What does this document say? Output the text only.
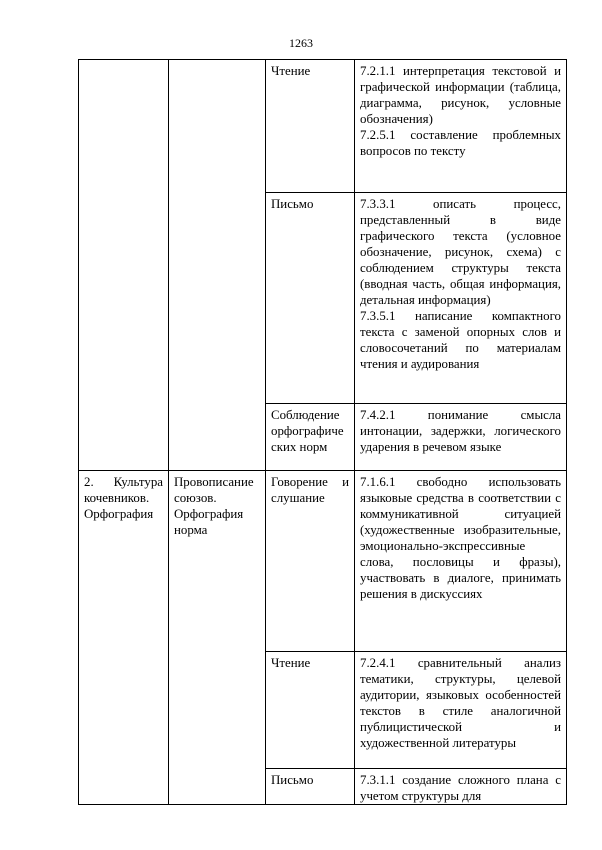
1263
		Чтение	7.2.1.1 интерпретация текстовой и графической информации (таблица, диаграмма, рисунок, условные обозначения)
7.2.5.1 составление проблемных вопросов по тексту

		Письмо	7.3.3.1 описать процесс, представленный в виде графического текста (условное обозначение, рисунок, схема) с соблюдением структуры текста (вводная часть, общая информация, детальная информация)
7.3.5.1 написание компактного текста с заменой опорных слов и словосочетаний по материалам чтения и аудирования

		Соблюдение орфографических норм	7.4.2.1 понимание смысла интонации, задержки, логического ударения в речевом языке

2. Культура кочевников. Орфография	Провописание союзов. Орфография норма	Говорение и слушание	7.1.6.1 свободно использовать языковые средства в соответствии с коммуникативной ситуацией (художественные изобразительные, эмоционально-экспрессивные слова, пословицы и фразы), участвовать в диалоге, принимать решения в дискуссиях

		Чтение	7.2.4.1 сравнительный анализ тематики, структуры, целевой аудитории, языковых особенностей текстов в стиле аналогичной публицистической и художественной литературы

		Письмо	7.3.1.1 создание сложного плана с учетом структуры для
